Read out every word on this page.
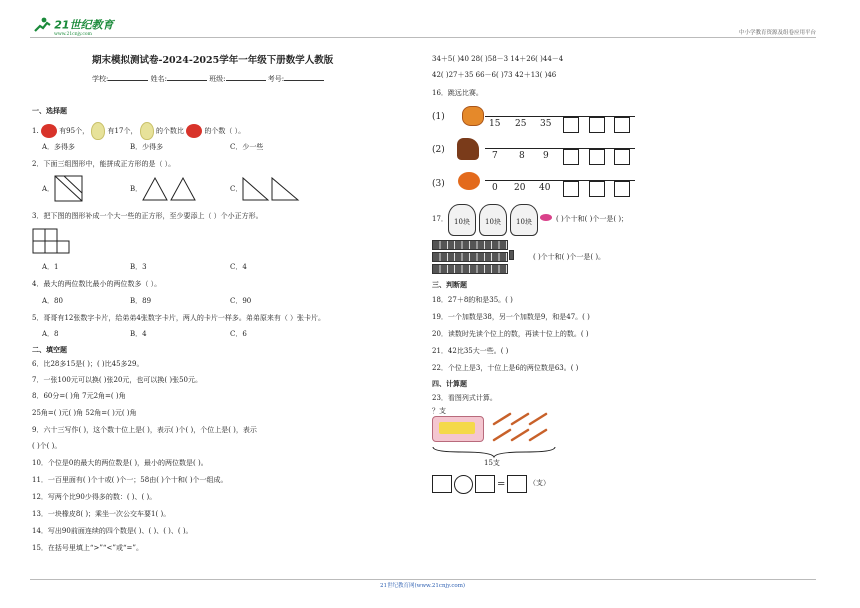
21世纪教育
www.21cnjy.com	中小学教育资源及组卷应用平台
期末模拟测试卷-2024-2025学年一年级下册数学人教版
学校:	姓名:	班级:	考号:
一、选择题
1.	有95个，	有17个，	的个数比	的个数（ ）。
A．多得多	B．少得多	C．少一些
2．下面三组图形中，能拼成正方形的是（ ）。
A．	B．	C．
3．把下图的图形补成一个大一些的正方形，至少要添上（ ）个小正方形。
A．1	B．3	C．4
4．最大的两位数比最小的两位数多（ ）。
A．80	B．89	C．90
5．哥哥有12张数字卡片，给弟弟4张数字卡片，两人的卡片一样多。弟弟原来有（ ）张卡片。
A．8	B．4	C．6
二、填空题
6．比28多15是( )；( )比45多29。
7．一张100元可以换( )张20元，也可以换( )张50元。
8．60分=( )角 7元2角=( )角
25角=( )元( )角 52角=( )元( )角
9．六十三写作( )，这个数十位上是( )，表示( )个( )，个位上是( )，表示
( )个( )。
10．个位是0的最大的两位数是( )，最小的两位数是( )。
11．一百里面有( )个十或( )个一；58由( )个十和( )个一组成。
12．写两个比90少得多的数：( )、( )。
13．一块橡皮8( )；乘坐一次公交车要1( )。
14．写出90前面连续的四个数是( )、( )、( )、( )。
15．在括号里填上“>”“<”或“=”。
34＋5( )40 28( )58－3 14＋26( )44－4
42( )27＋35 66－6( )73 42＋13( )46
16．跳远比赛。
(1)
15 25 35
(2)
7 8 9
(3)	0 20 40
17． 10块	10块	10块	( )个十和( )个一是( )；
( )个十和( )个一是( )。
三、判断题
18．27＋8的和是35。( )
19．一个加数是38，另一个加数是9，和是47。( )
20．读数时先读个位上的数，再读十位上的数。( )
21．42比35大一些。( )
22．个位上是3，十位上是6的两位数是63。( )
四、计算题
23．看图列式计算。
？支
15支
=	（支）
21世纪教育网(www.21cnjy.com)
